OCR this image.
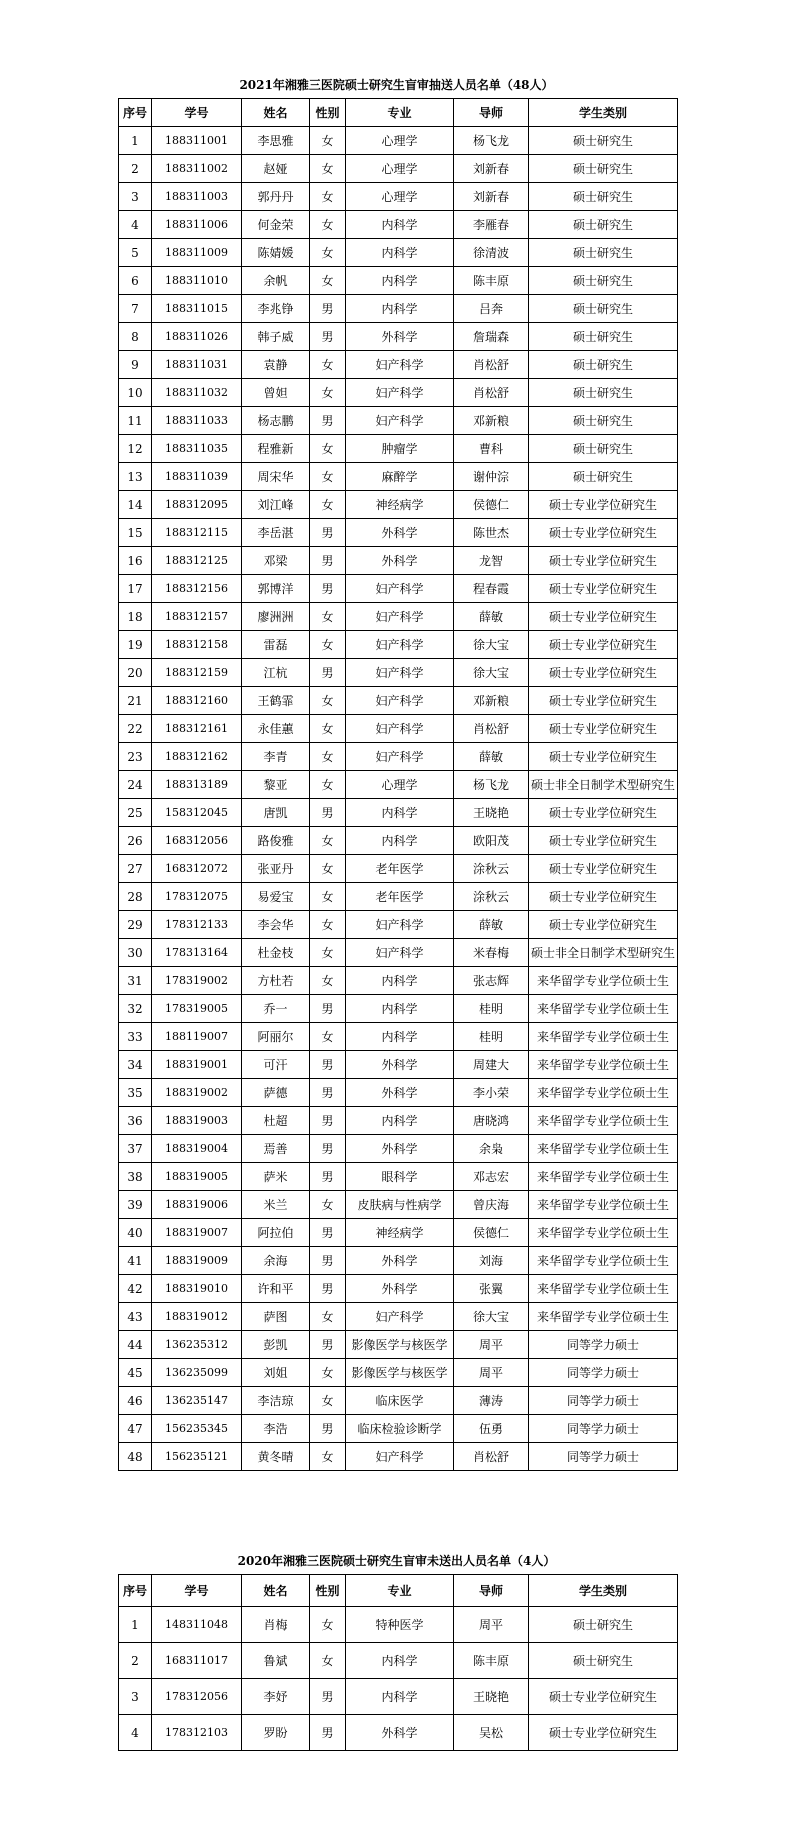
2021年湘雅三医院硕士研究生盲审抽送人员名单（48人）
序号	学号	姓名	性别	专业	导师	学生类别
1	188311001	李思雅	女	心理学	杨飞龙	硕士研究生
2	188311002	赵娅	女	心理学	刘新春	硕士研究生
3	188311003	郭丹丹	女	心理学	刘新春	硕士研究生
4	188311006	何金荣	女	内科学	李雁春	硕士研究生
5	188311009	陈婧媛	女	内科学	徐清波	硕士研究生
6	188311010	余帆	女	内科学	陈丰原	硕士研究生
7	188311015	李兆铮	男	内科学	吕奔	硕士研究生
8	188311026	韩子威	男	外科学	詹瑞森	硕士研究生
9	188311031	袁静	女	妇产科学	肖松舒	硕士研究生
10	188311032	曾妲	女	妇产科学	肖松舒	硕士研究生
11	188311033	杨志鹏	男	妇产科学	邓新粮	硕士研究生
12	188311035	程雅新	女	肿瘤学	曹科	硕士研究生
13	188311039	周宋华	女	麻醉学	谢仲淙	硕士研究生
14	188312095	刘江峰	女	神经病学	侯德仁	硕士专业学位研究生
15	188312115	李岳湛	男	外科学	陈世杰	硕士专业学位研究生
16	188312125	邓梁	男	外科学	龙智	硕士专业学位研究生
17	188312156	郭博洋	男	妇产科学	程春霞	硕士专业学位研究生
18	188312157	廖洲洲	女	妇产科学	薛敏	硕士专业学位研究生
19	188312158	雷磊	女	妇产科学	徐大宝	硕士专业学位研究生
20	188312159	江杭	男	妇产科学	徐大宝	硕士专业学位研究生
21	188312160	王鹤霏	女	妇产科学	邓新粮	硕士专业学位研究生
22	188312161	永佳蕙	女	妇产科学	肖松舒	硕士专业学位研究生
23	188312162	李青	女	妇产科学	薛敏	硕士专业学位研究生
24	188313189	黎亚	女	心理学	杨飞龙	硕士非全日制学术型研究生
25	158312045	唐凯	男	内科学	王晓艳	硕士专业学位研究生
26	168312056	路俊雅	女	内科学	欧阳茂	硕士专业学位研究生
27	168312072	张亚丹	女	老年医学	涂秋云	硕士专业学位研究生
28	178312075	易爱宝	女	老年医学	涂秋云	硕士专业学位研究生
29	178312133	李会华	女	妇产科学	薛敏	硕士专业学位研究生
30	178313164	杜金枝	女	妇产科学	米春梅	硕士非全日制学术型研究生
31	178319002	方杜若	女	内科学	张志辉	来华留学专业学位硕士生
32	178319005	乔一	男	内科学	桂明	来华留学专业学位硕士生
33	188119007	阿丽尔	女	内科学	桂明	来华留学专业学位硕士生
34	188319001	可汗	男	外科学	周建大	来华留学专业学位硕士生
35	188319002	萨德	男	外科学	李小荣	来华留学专业学位硕士生
36	188319003	杜超	男	内科学	唐晓鸿	来华留学专业学位硕士生
37	188319004	焉善	男	外科学	余枭	来华留学专业学位硕士生
38	188319005	萨米	男	眼科学	邓志宏	来华留学专业学位硕士生
39	188319006	米兰	女	皮肤病与性病学	曾庆海	来华留学专业学位硕士生
40	188319007	阿拉伯	男	神经病学	侯德仁	来华留学专业学位硕士生
41	188319009	余海	男	外科学	刘海	来华留学专业学位硕士生
42	188319010	许和平	男	外科学	张翼	来华留学专业学位硕士生
43	188319012	萨图	女	妇产科学	徐大宝	来华留学专业学位硕士生
44	136235312	彭凯	男	影像医学与核医学	周平	同等学力硕士
45	136235099	刘姐	女	影像医学与核医学	周平	同等学力硕士
46	136235147	李洁琼	女	临床医学	薄涛	同等学力硕士
47	156235345	李浩	男	临床检验诊断学	伍勇	同等学力硕士
48	156235121	黄冬晴	女	妇产科学	肖松舒	同等学力硕士
2020年湘雅三医院硕士研究生盲审未送出人员名单（4人）
序号	学号	姓名	性别	专业	导师	学生类别
1	148311048	肖梅	女	特种医学	周平	硕士研究生
2	168311017	鲁斌	女	内科学	陈丰原	硕士研究生
3	178312056	李妤	男	内科学	王晓艳	硕士专业学位研究生
4	178312103	罗盼	男	外科学	吴松	硕士专业学位研究生
